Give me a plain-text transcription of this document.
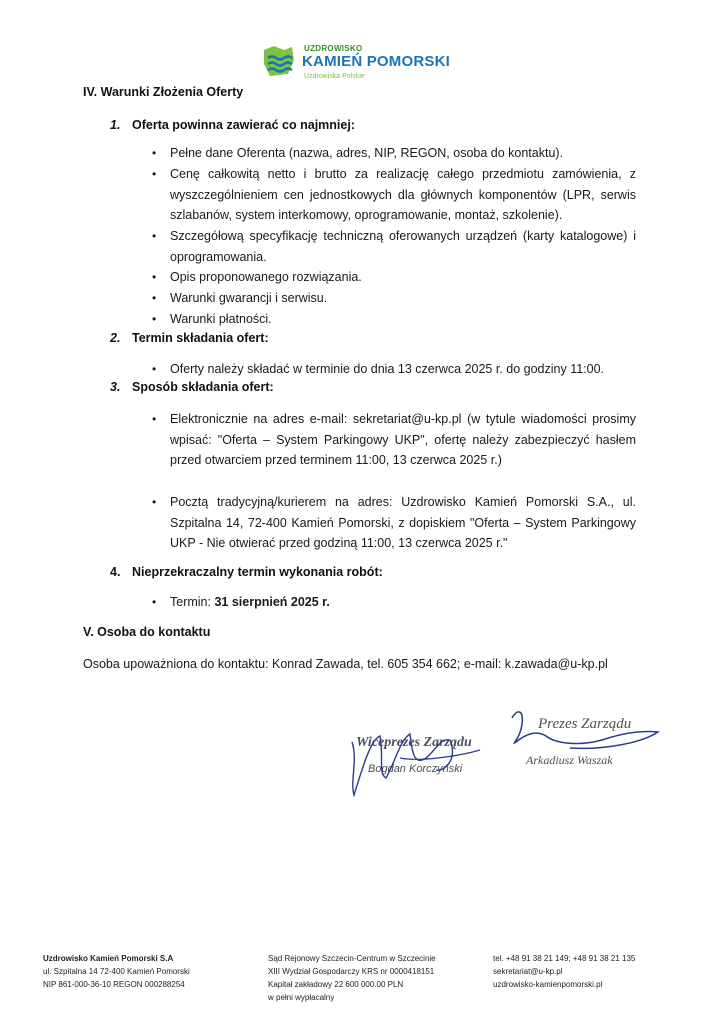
UZDROWISKO
KAMIEŃ POMORSKI
Uzdrowiska Polskie
IV. Warunki Złożenia Oferty
1. Oferta powinna zawierać co najmniej:
• Pełne dane Oferenta (nazwa, adres, NIP, REGON, osoba do kontaktu).
• Cenę całkowitą netto i brutto za realizację całego przedmiotu zamówienia, z wyszczególnieniem cen jednostkowych dla głównych komponentów (LPR, serwis szlabanów, system interkomowy, oprogramowanie, montaż, szkolenie).
• Szczegółową specyfikację techniczną oferowanych urządzeń (karty katalogowe) i oprogramowania.
• Opis proponowanego rozwiązania.
• Warunki gwarancji i serwisu.
• Warunki płatności.
2. Termin składania ofert:
• Oferty należy składać w terminie do dnia 13 czerwca 2025 r. do godziny 11:00.
3. Sposób składania ofert:
• Elektronicznie na adres e-mail: sekretariat@u-kp.pl (w tytule wiadomości prosimy wpisać: "Oferta – System Parkingowy UKP", ofertę należy zabezpieczyć hasłem przed otwarciem przed terminem 11:00, 13 czerwca 2025 r.)
• Pocztą tradycyjną/kurierem na adres: Uzdrowisko Kamień Pomorski S.A., ul. Szpitalna 14, 72-400 Kamień Pomorski, z dopiskiem "Oferta – System Parkingowy UKP - Nie otwierać przed godziną 11:00, 13 czerwca 2025 r."
4. Nieprzekraczalny termin wykonania robót:
• Termin: 31 sierpnień 2025 r.
V. Osoba do kontaktu
Osoba upoważniona do kontaktu: Konrad Zawada, tel. 605 354 662; e-mail: k.zawada@u-kp.pl
Wiceprezes Zarządu
Bogdan Korczyński
Prezes Zarządu
Arkadiusz Waszak
Uzdrowisko Kamień Pomorski S.A
ul. Szpitalna 14 72-400 Kamień Pomorski
NIP 861-000-36-10 REGON 000288254
Sąd Rejonowy Szczecin-Centrum w Szczecinie
XIII Wydział Gospodarczy KRS nr 0000418151
Kapitał zakładowy 22 600 000.00 PLN
w pełni wypłacalny
tel. +48 91 38 21 149; +48 91 38 21 135
sekretariat@u-kp.pl
uzdrowisko-kamienpomorski.pl
